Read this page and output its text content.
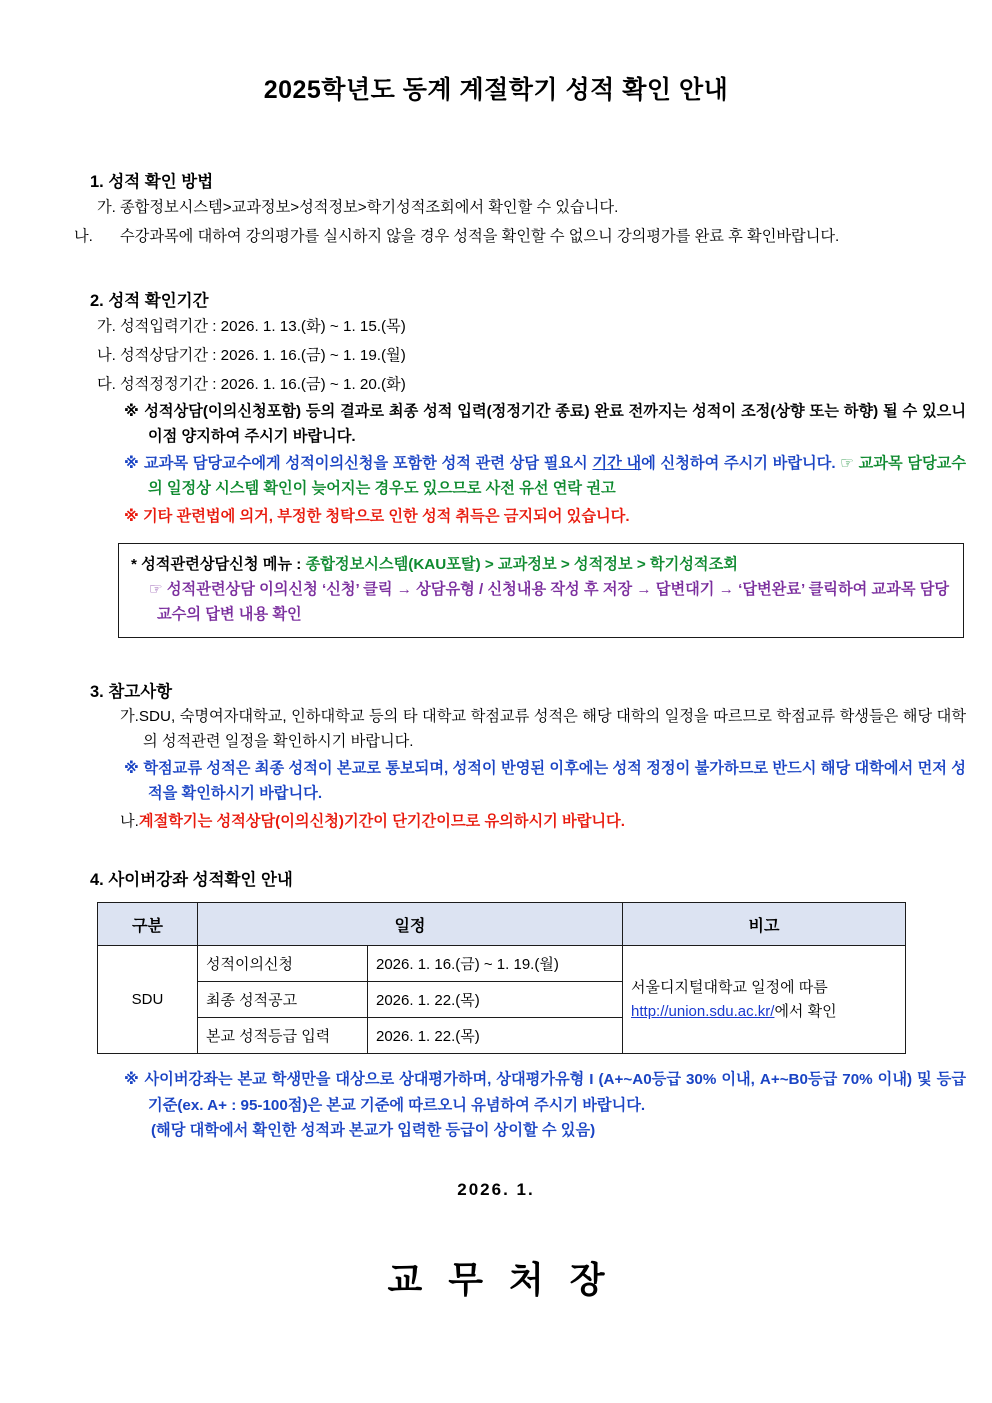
2025학년도 동계 계절학기 성적 확인 안내
1. 성적 확인 방법
가. 종합정보시스템>교과정보>성적정보>학기성적조회에서 확인할 수 있습니다.
나. 수강과목에 대하여 강의평가를 실시하지 않을 경우 성적을 확인할 수 없으니 강의평가를 완료 후 확인바랍니다.
2. 성적 확인기간
가. 성적입력기간 : 2026. 1. 13.(화) ~ 1. 15.(목)
나. 성적상담기간 : 2026. 1. 16.(금) ~ 1. 19.(월)
다. 성적정정기간 : 2026. 1. 16.(금) ~ 1. 20.(화)
※ 성적상담(이의신청포함) 등의 결과로 최종 성적 입력(정정기간 종료) 완료 전까지는 성적이 조정(상향 또는 하향) 될 수 있으니 이점 양지하여 주시기 바랍니다.
※ 교과목 담당교수에게 성적이의신청을 포함한 성적 관련 상담 필요시 기간 내에 신청하여 주시기 바랍니다. ☞ 교과목 담당교수의 일정상 시스템 확인이 늦어지는 경우도 있으므로 사전 유선 연락 권고
※ 기타 관련법에 의거, 부정한 청탁으로 인한 성적 취득은 금지되어 있습니다.
* 성적관련상담신청 메뉴 : 종합정보시스템(KAU포탈) > 교과정보 > 성적정보 > 학기성적조회
☞ 성적관련상담 이의신청 ‘신청’ 클릭 → 상담유형 / 신청내용 작성 후 저장 → 답변대기 → ‘답변완료’ 클릭하여 교과목 담당교수의 답변 내용 확인
3. 참고사항
가.SDU, 숙명여자대학교, 인하대학교 등의 타 대학교 학점교류 성적은 해당 대학의 일정을 따르므로 학점교류 학생들은 해당 대학의 성적관련 일정을 확인하시기 바랍니다.
※ 학점교류 성적은 최종 성적이 본교로 통보되며, 성적이 반영된 이후에는 성적 정정이 불가하므로 반드시 해당 대학에서 먼저 성적을 확인하시기 바랍니다.
나.계절학기는 성적상담(이의신청)기간이 단기간이므로 유의하시기 바랍니다.
4. 사이버강좌 성적확인 안내
구분	일정		비고
SDU	성적이의신청	2026. 1. 16.(금) ~ 1. 19.(월)	서울디지털대학교 일정에 따름
http://union.sdu.ac.kr/에서 확인
	최종 성적공고	2026. 1. 22.(목)	
	본교 성적등급 입력	2026. 1. 22.(목)	
※ 사이버강좌는 본교 학생만을 대상으로 상대평가하며, 상대평가유형 I (A+~A0등급 30% 이내, A+~B0등급 70% 이내) 및 등급기준(ex. A+ : 95-100점)은 본교 기준에 따르오니 유념하여 주시기 바랍니다.
(해당 대학에서 확인한 성적과 본교가 입력한 등급이 상이할 수 있음)
2026. 1.
교무처장
